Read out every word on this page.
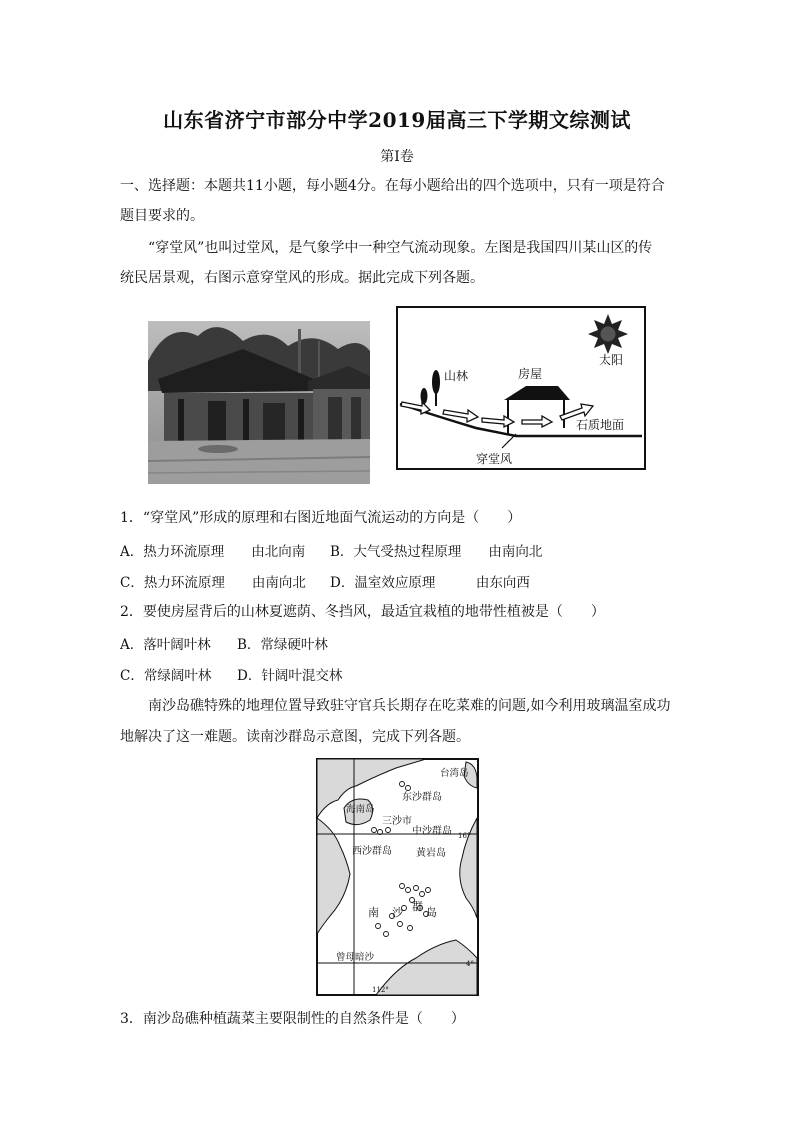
山东省济宁市部分中学2019届高三下学期文综测试
第I卷
一、选择题：本题共11小题，每小题4分。在每小题给出的四个选项中，只有一项是符合
题目要求的。
“穿堂风”也叫过堂风，是气象学中一种空气流动现象。左图是我国四川某山区的传
统民居景观，右图示意穿堂风的形成。据此完成下列各题。
太阳
山林	房屋
石质地面
穿堂风
1．“穿堂风”形成的原理和右图近地面气流运动的方向是（　　）
A．热力环流原理　　由北向南 B．大气受热过程原理　　由南向北
C．热力环流原理　　由南向北 D．温室效应原理　　　由东向西
2．要使房屋背后的山林夏遮荫、冬挡风，最适宜栽植的地带性植被是（　　）
A．落叶阔叶林 B．常绿硬叶林
C．常绿阔叶林 D．针阔叶混交林
南沙岛礁特殊的地理位置导致驻守官兵长期存在吃菜难的问题,如今利用玻璃温室成功
地解决了这一难题。读南沙群岛示意图，完成下列各题。
台湾岛
东沙群岛
海南岛
三沙市
中沙群岛 16°
西沙群岛 黄岩岛
南 沙 群 岛
曾母暗沙
4°
112°
3．南沙岛礁种植蔬菜主要限制性的自然条件是（　　）
